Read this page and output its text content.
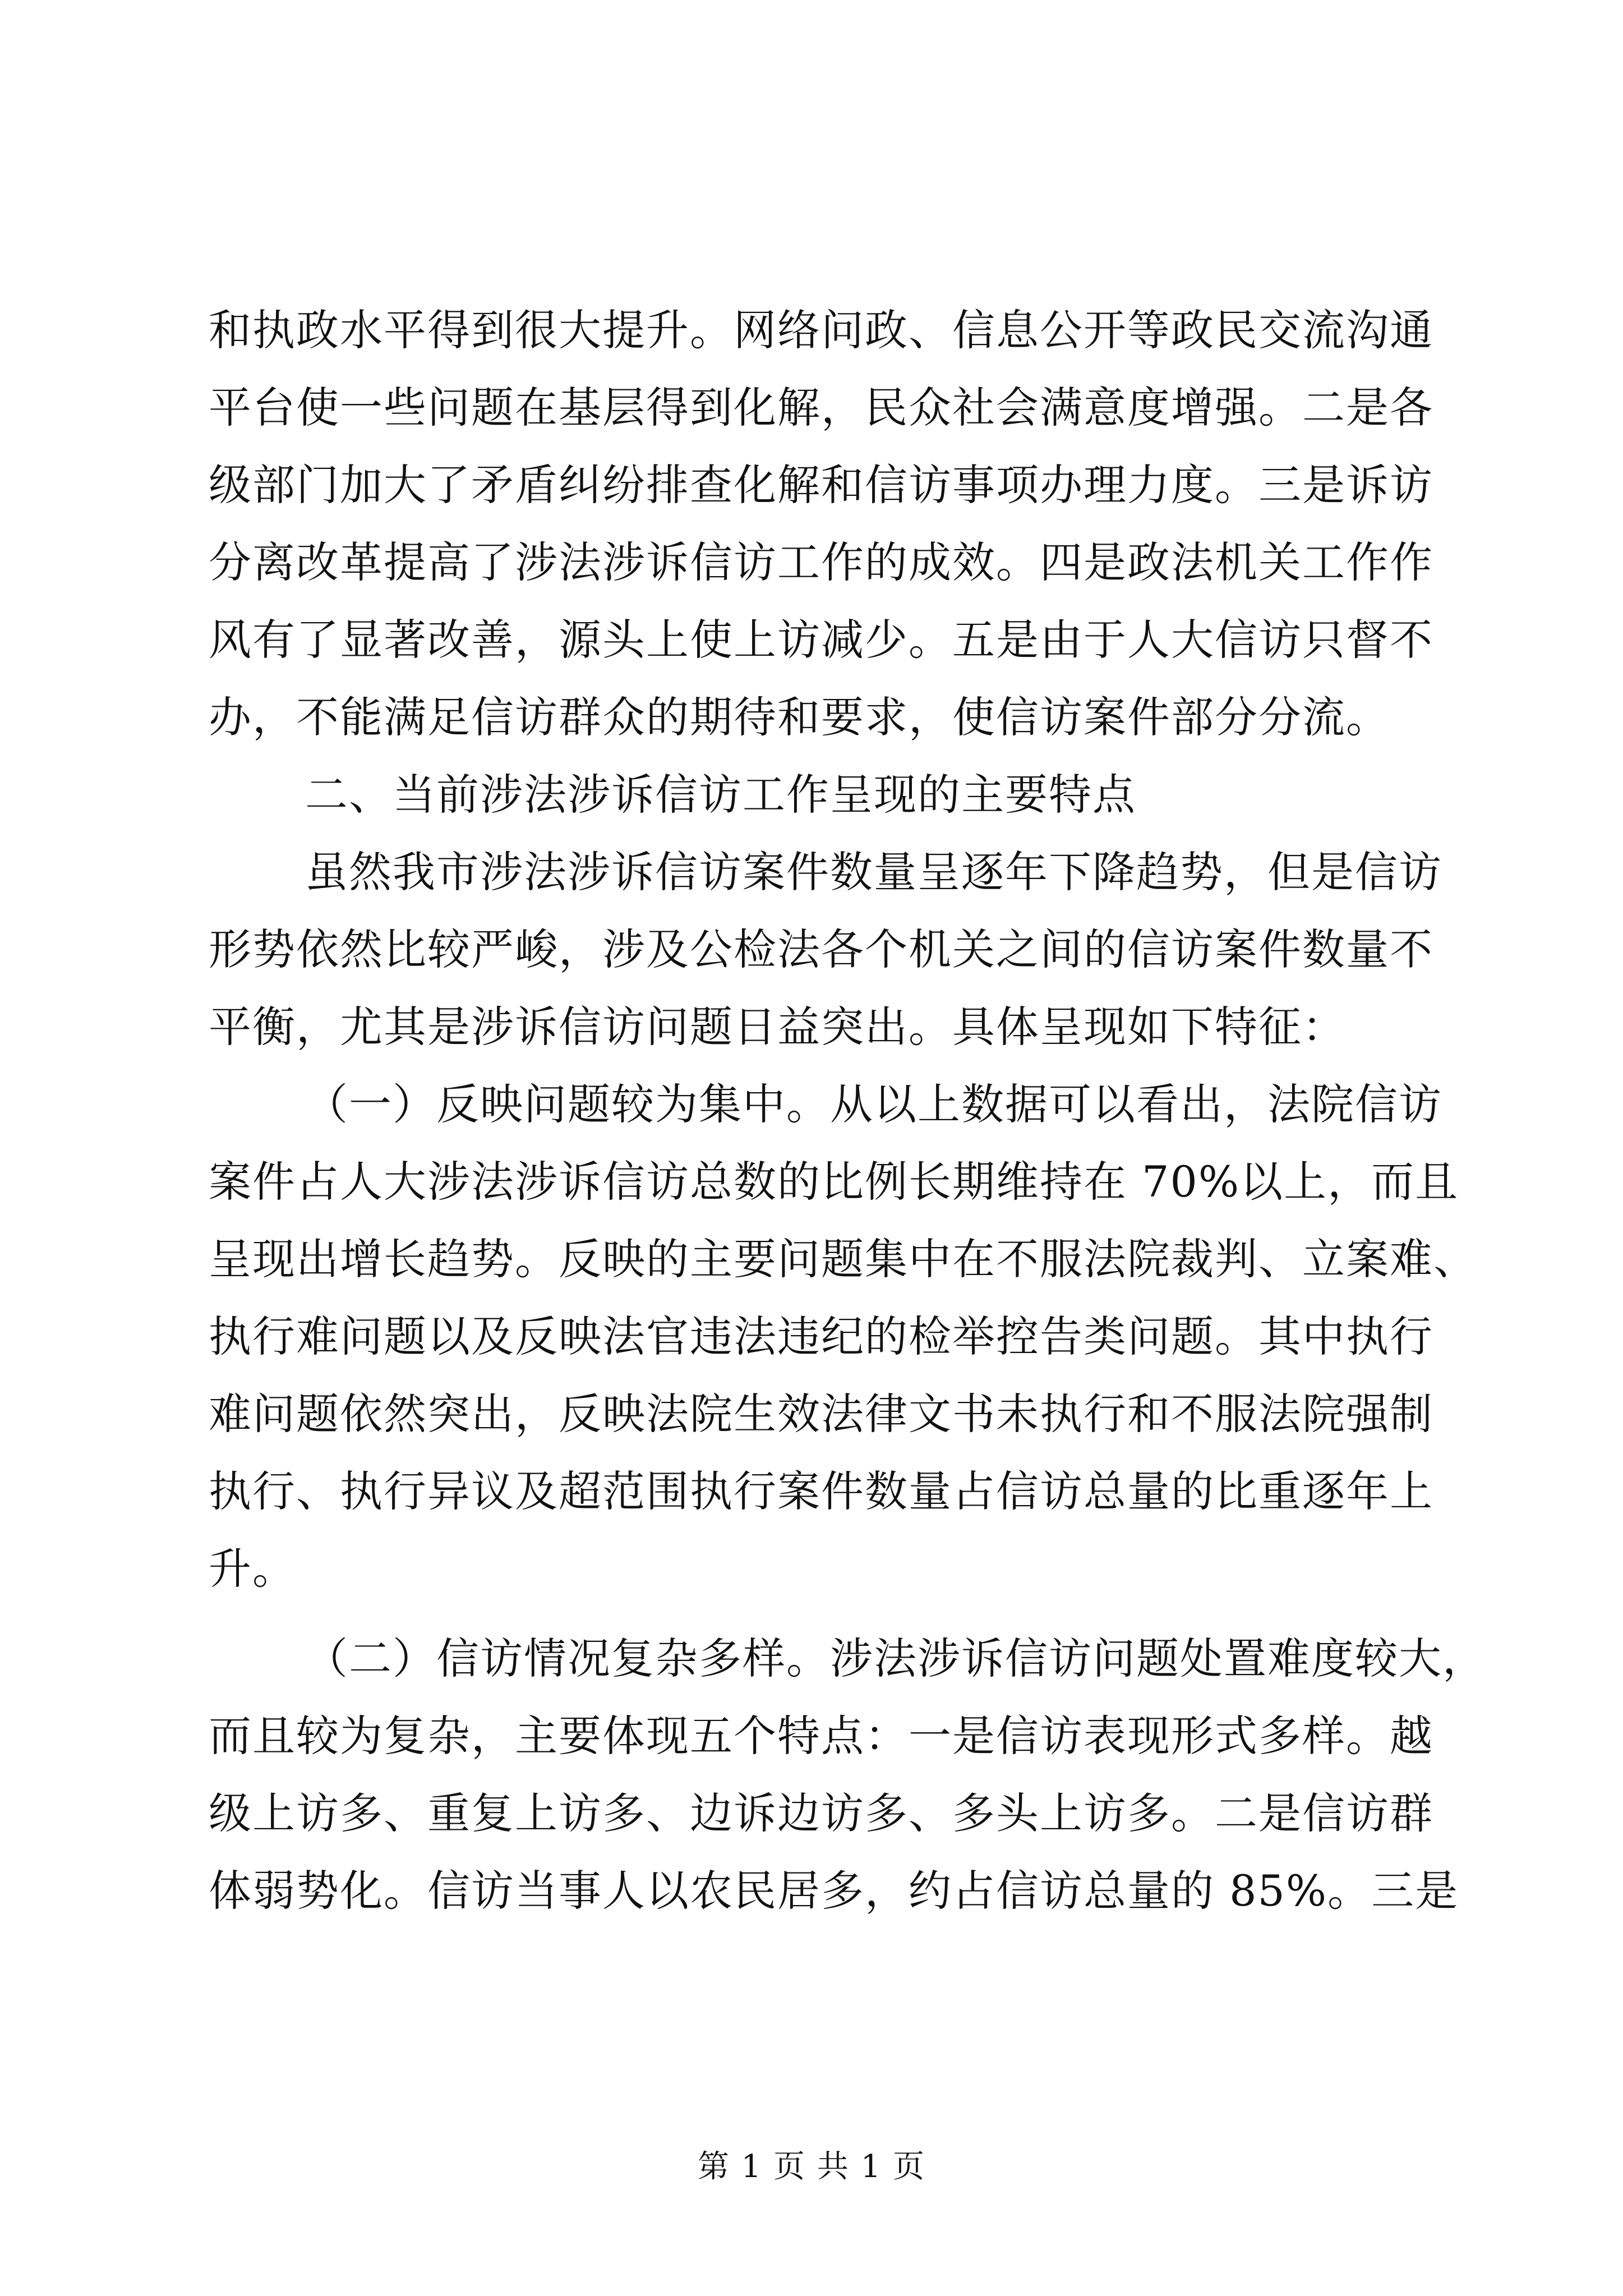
和执政水平得到很大提升。网络问政、信息公开等政民交流沟通
平台使一些问题在基层得到化解，民众社会满意度增强。二是各
级部门加大了矛盾纠纷排查化解和信访事项办理力度。三是诉访
分离改革提高了涉法涉诉信访工作的成效。四是政法机关工作作
风有了显著改善，源头上使上访减少。五是由于人大信访只督不
办，不能满足信访群众的期待和要求，使信访案件部分分流。
二、当前涉法涉诉信访工作呈现的主要特点
虽然我市涉法涉诉信访案件数量呈逐年下降趋势，但是信访
形势依然比较严峻，涉及公检法各个机关之间的信访案件数量不
平衡，尤其是涉诉信访问题日益突出。具体呈现如下特征：
（一）反映问题较为集中。从以上数据可以看出，法院信访
案件占人大涉法涉诉信访总数的比例长期维持在 70%以上，而且
呈现出增长趋势。反映的主要问题集中在不服法院裁判、立案难、
执行难问题以及反映法官违法违纪的检举控告类问题。其中执行
难问题依然突出，反映法院生效法律文书未执行和不服法院强制
执行、执行异议及超范围执行案件数量占信访总量的比重逐年上
升。
（二）信访情况复杂多样。涉法涉诉信访问题处置难度较大，
而且较为复杂，主要体现五个特点：一是信访表现形式多样。越
级上访多、重复上访多、边诉边访多、多头上访多。二是信访群
体弱势化。信访当事人以农民居多，约占信访总量的 85%。三是
第 1 页 共 1 页
